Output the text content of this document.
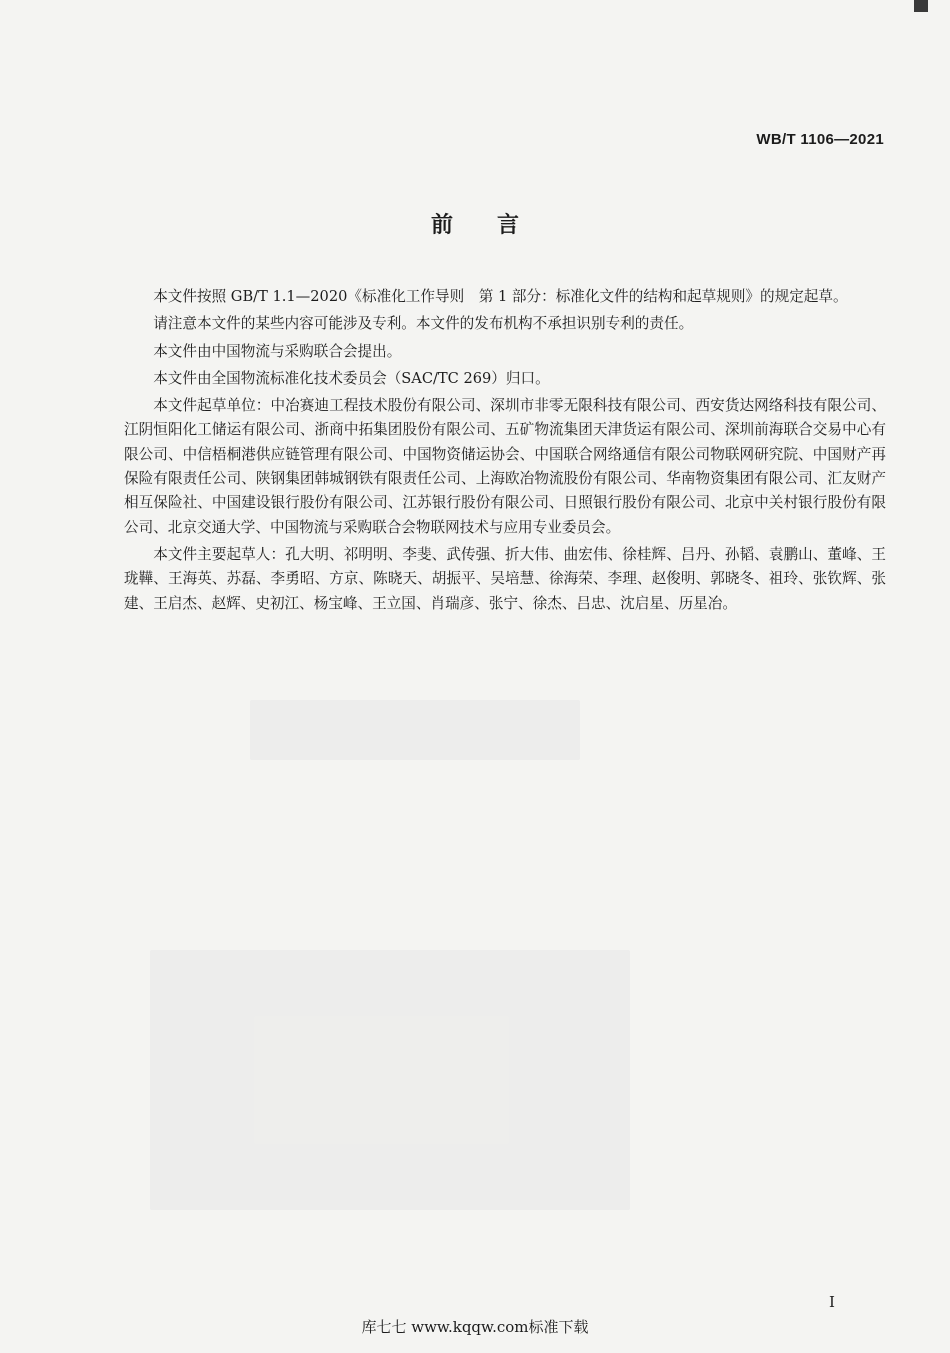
WB/T 1106—2021
前言

本文件按照 GB/T 1.1—2020《标准化工作导则　第 1 部分：标准化文件的结构和起草规则》的规定起草。

请注意本文件的某些内容可能涉及专利。本文件的发布机构不承担识别专利的责任。

本文件由中国物流与采购联合会提出。

本文件由全国物流标准化技术委员会（SAC/TC 269）归口。

本文件起草单位：中冶赛迪工程技术股份有限公司、深圳市非零无限科技有限公司、西安货达网络科技有限公司、江阴恒阳化工储运有限公司、浙商中拓集团股份有限公司、五矿物流集团天津货运有限公司、深圳前海联合交易中心有限公司、中信梧桐港供应链管理有限公司、中国物资储运协会、中国联合网络通信有限公司物联网研究院、中国财产再保险有限责任公司、陕钢集团韩城钢铁有限责任公司、上海欧冶物流股份有限公司、华南物资集团有限公司、汇友财产相互保险社、中国建设银行股份有限公司、江苏银行股份有限公司、日照银行股份有限公司、北京中关村银行股份有限公司、北京交通大学、中国物流与采购联合会物联网技术与应用专业委员会。

本文件主要起草人：孔大明、祁明明、李斐、武传强、折大伟、曲宏伟、徐桂辉、吕丹、孙韬、袁鹏山、董峰、王珑鞾、王海英、苏磊、李勇昭、方京、陈晓天、胡振平、吴培慧、徐海荣、李理、赵俊明、郭晓冬、祖玲、张钦辉、张建、王启杰、赵辉、史初江、杨宝峰、王立国、肖瑞彦、张宁、徐杰、吕忠、沈启星、历星冶。

I
库七七 www.kqqw.com标准下载
